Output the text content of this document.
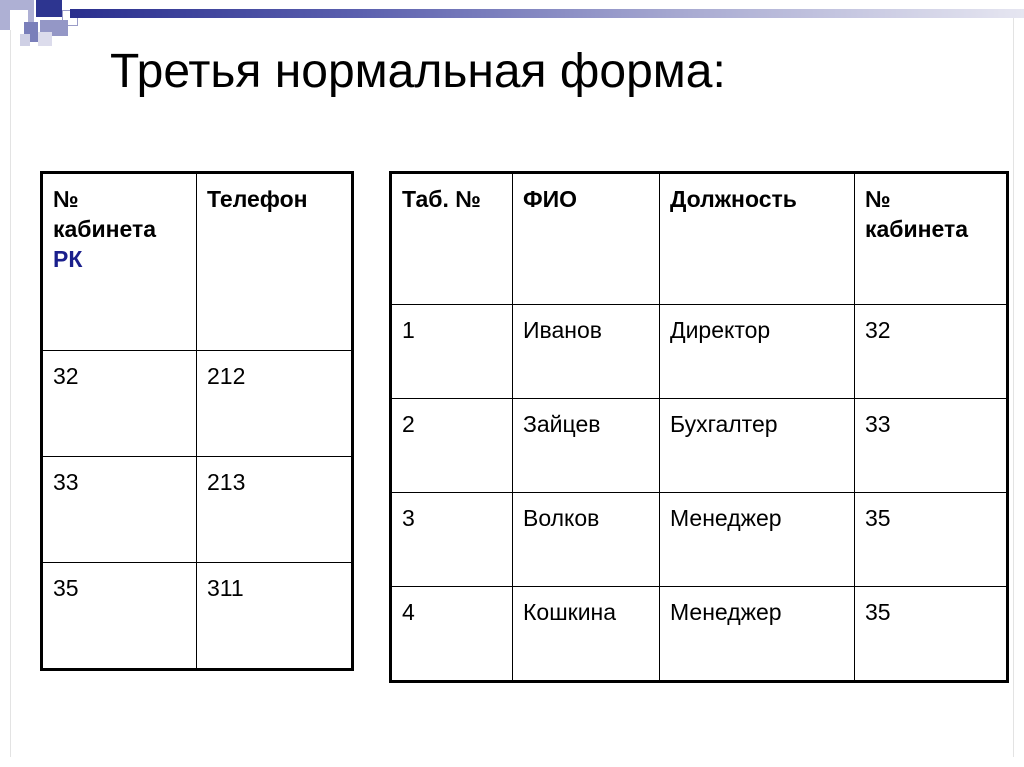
Третья нормальная форма:
№
кабинета
РК	Телефон
32	212
33	213
35	311
Таб. №	ФИО	Должность	№
кабинета
1	Иванов	Директор	32
2	Зайцев	Бухгалтер	33
3	Волков	Менеджер	35
4	Кошкина	Менеджер	35
